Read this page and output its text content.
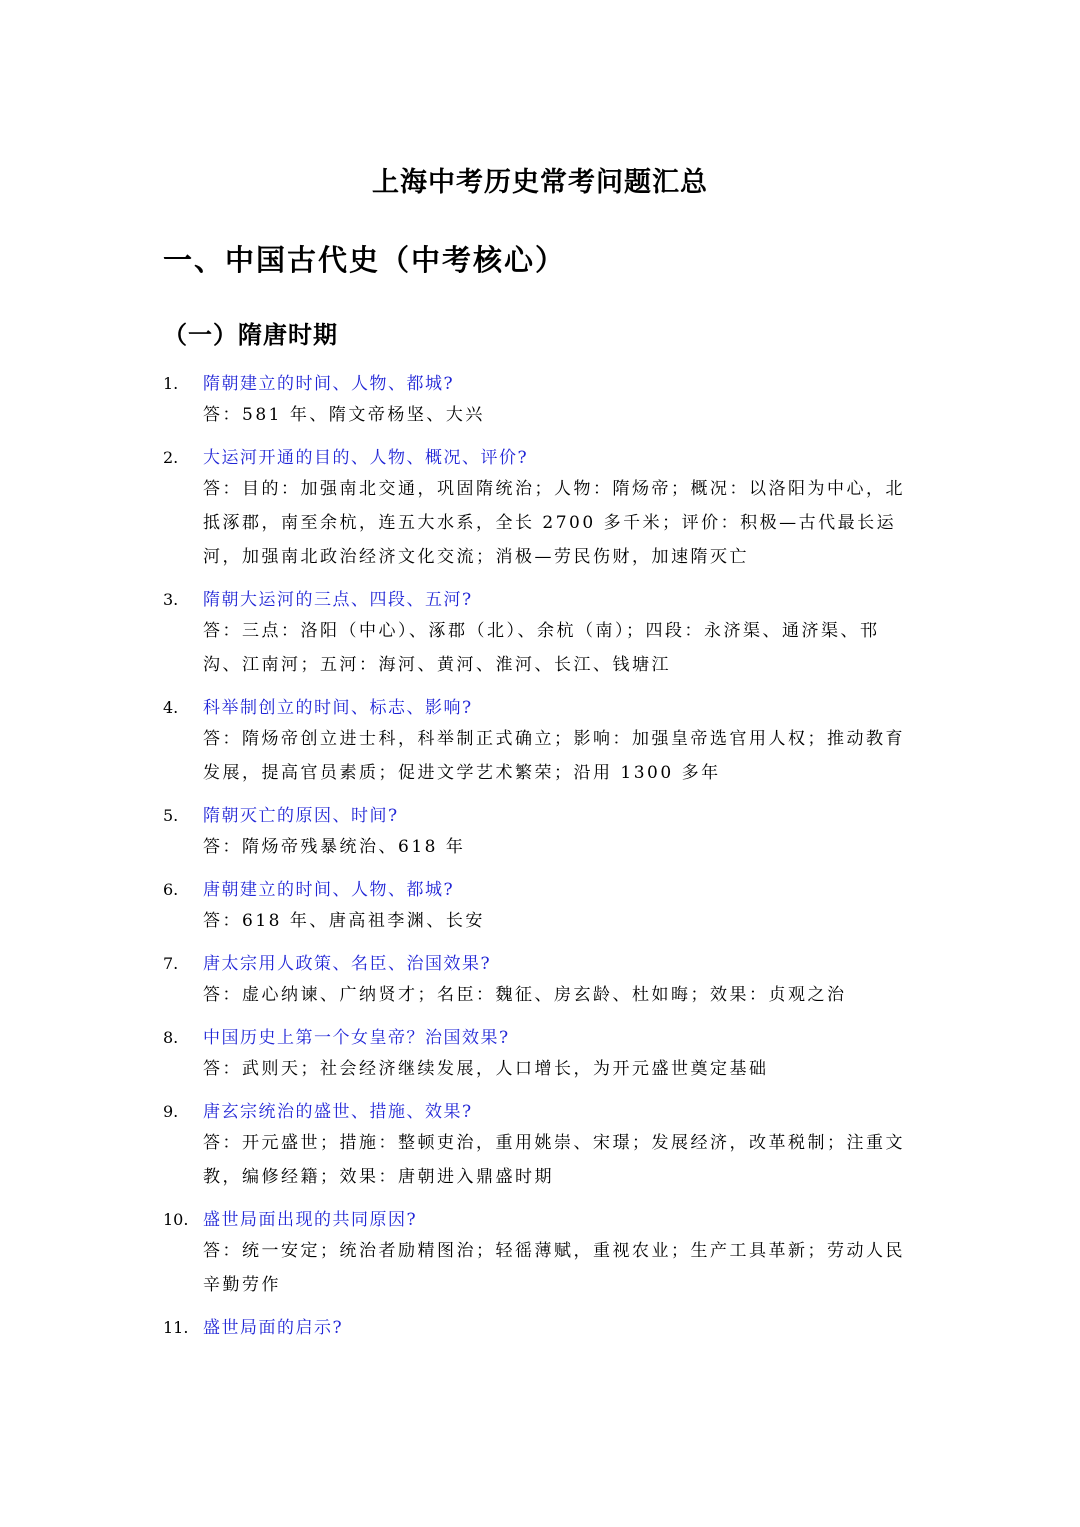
上海中考历史常考问题汇总
一、中国古代史（中考核心）
（一）隋唐时期
1.	隋朝建立的时间、人物、都城?
答：581 年、隋文帝杨坚、大兴
2.	大运河开通的目的、人物、概况、评价?
答：目的：加强南北交通，巩固隋统治；人物：隋炀帝；概况：以洛阳为中心，北抵涿郡，南至余杭，连五大水系，全长 2700 多千米；评价：积极—古代最长运河，加强南北政治经济文化交流；消极—劳民伤财，加速隋灭亡
3.	隋朝大运河的三点、四段、五河?
答：三点：洛阳（中心）、涿郡（北）、余杭（南）；四段：永济渠、通济渠、邗沟、江南河；五河：海河、黄河、淮河、长江、钱塘江
4.	科举制创立的时间、标志、影响?
答：隋炀帝创立进士科，科举制正式确立；影响：加强皇帝选官用人权；推动教育发展，提高官员素质；促进文学艺术繁荣；沿用 1300 多年
5.	隋朝灭亡的原因、时间?
答：隋炀帝残暴统治、618 年
6.	唐朝建立的时间、人物、都城?
答：618 年、唐高祖李渊、长安
7.	唐太宗用人政策、名臣、治国效果?
答：虚心纳谏、广纳贤才；名臣：魏征、房玄龄、杜如晦；效果：贞观之治
8.	中国历史上第一个女皇帝？治国效果?
答：武则天；社会经济继续发展，人口增长，为开元盛世奠定基础
9.	唐玄宗统治的盛世、措施、效果?
答：开元盛世；措施：整顿吏治，重用姚崇、宋璟；发展经济，改革税制；注重文教，编修经籍；效果：唐朝进入鼎盛时期
10. 盛世局面出现的共同原因?
答：统一安定；统治者励精图治；轻徭薄赋，重视农业；生产工具革新；劳动人民辛勤劳作
11. 盛世局面的启示?
